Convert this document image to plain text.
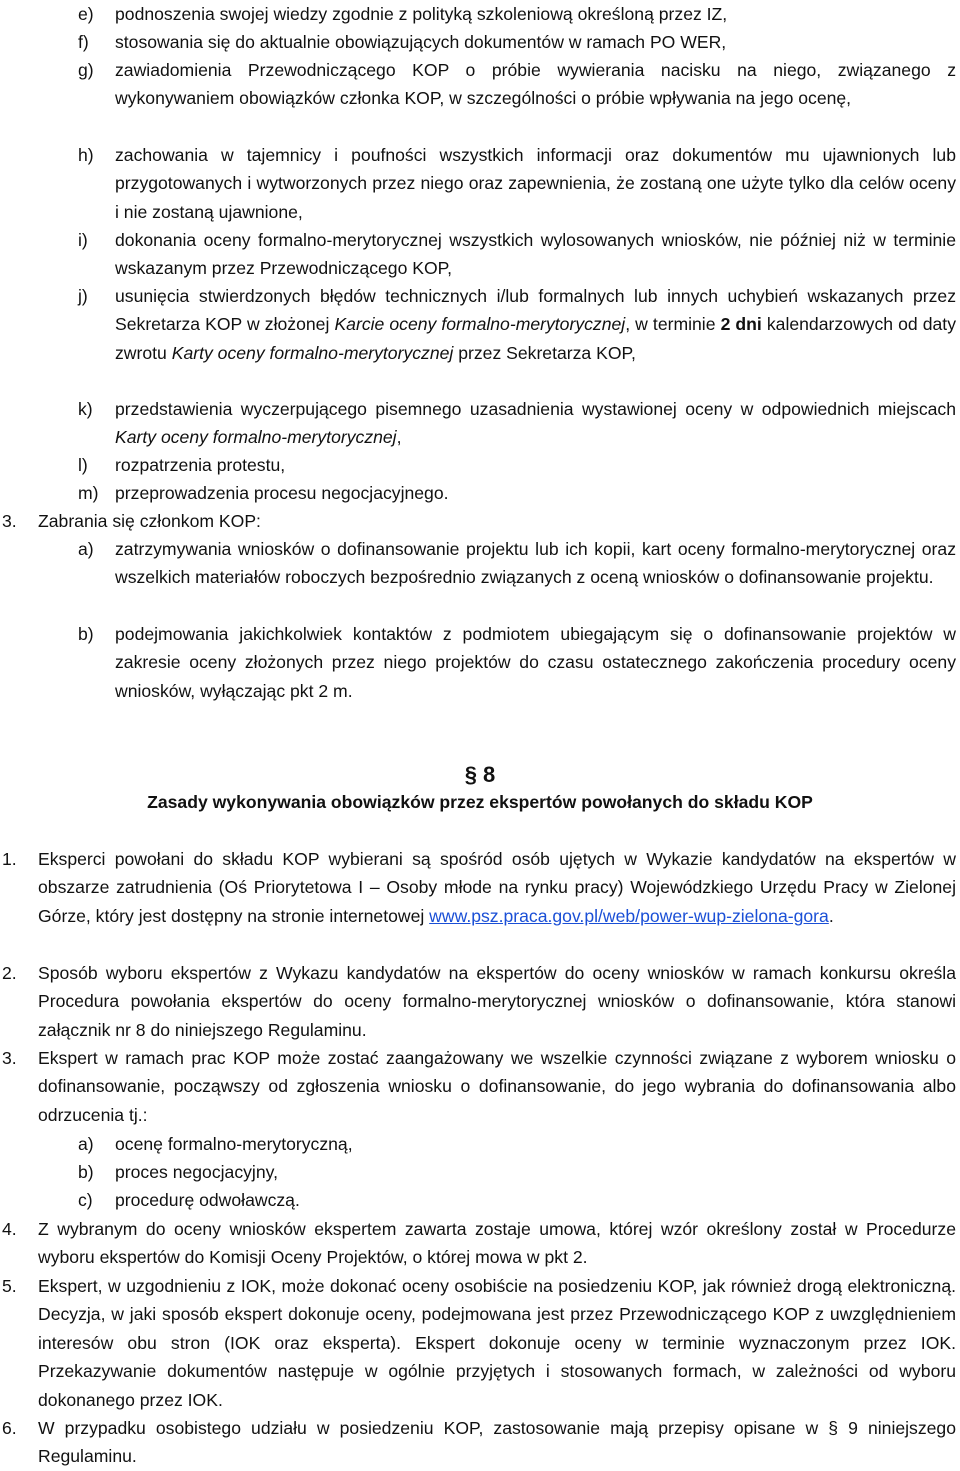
e) podnoszenia swojej wiedzy zgodnie z polityką szkoleniową określoną przez IZ,
f) stosowania się do aktualnie obowiązujących dokumentów w ramach PO WER,
g) zawiadomienia Przewodniczącego KOP o próbie wywierania nacisku na niego, związanego z wykonywaniem obowiązków członka KOP, w szczególności o próbie wpływania na jego ocenę,
h) zachowania w tajemnicy i poufności wszystkich informacji oraz dokumentów mu ujawnionych lub przygotowanych i wytworzonych przez niego oraz zapewnienia, że zostaną one użyte tylko dla celów oceny i nie zostaną ujawnione,
i) dokonania oceny formalno-merytorycznej wszystkich wylosowanych wniosków, nie później niż w terminie wskazanym przez Przewodniczącego KOP,
j) usunięcia stwierdzonych błędów technicznych i/lub formalnych lub innych uchybień wskazanych przez Sekretarza KOP w złożonej Karcie oceny formalno-merytorycznej, w terminie 2 dni kalendarzowych od daty zwrotu Karty oceny formalno-merytorycznej przez Sekretarza KOP,
k) przedstawienia wyczerpującego pisemnego uzasadnienia wystawionej oceny w odpowiednich miejscach Karty oceny formalno-merytorycznej,
l) rozpatrzenia protestu,
m) przeprowadzenia procesu negocjacyjnego.
3. Zabrania się członkom KOP:
a) zatrzymywania wniosków o dofinansowanie projektu lub ich kopii, kart oceny formalno-merytorycznej oraz wszelkich materiałów roboczych bezpośrednio związanych z oceną wniosków o dofinansowanie projektu.
b) podejmowania jakichkolwiek kontaktów z podmiotem ubiegającym się o dofinansowanie projektów w zakresie oceny złożonych przez niego projektów do czasu ostatecznego zakończenia procedury oceny wniosków, wyłączając pkt 2 m.
§ 8
Zasady wykonywania obowiązków przez ekspertów powołanych do składu KOP
1. Eksperci powołani do składu KOP wybierani są spośród osób ujętych w Wykazie kandydatów na ekspertów w obszarze zatrudnienia (Oś Priorytetowa I – Osoby młode na rynku pracy) Wojewódzkiego Urzędu Pracy w Zielonej Górze, który jest dostępny na stronie internetowej www.psz.praca.gov.pl/web/power-wup-zielona-gora.
2. Sposób wyboru ekspertów z Wykazu kandydatów na ekspertów do oceny wniosków w ramach konkursu określa Procedura powołania ekspertów do oceny formalno-merytorycznej wniosków o dofinansowanie, która stanowi załącznik nr 8 do niniejszego Regulaminu.
3. Ekspert w ramach prac KOP może zostać zaangażowany we wszelkie czynności związane z wyborem wniosku o dofinansowanie, począwszy od zgłoszenia wniosku o dofinansowanie, do jego wybrania do dofinansowania albo odrzucenia tj.:
a) ocenę formalno-merytoryczną,
b) proces negocjacyjny,
c) procedurę odwoławczą.
4. Z wybranym do oceny wniosków ekspertem zawarta zostaje umowa, której wzór określony został w Procedurze wyboru ekspertów do Komisji Oceny Projektów, o której mowa w pkt 2.
5. Ekspert, w uzgodnieniu z IOK, może dokonać oceny osobiście na posiedzeniu KOP, jak również drogą elektroniczną. Decyzja, w jaki sposób ekspert dokonuje oceny, podejmowana jest przez Przewodniczącego KOP z uwzględnieniem interesów obu stron (IOK oraz eksperta). Ekspert dokonuje oceny w terminie wyznaczonym przez IOK. Przekazywanie dokumentów następuje w ogólnie przyjętych i stosowanych formach, w zależności od wyboru dokonanego przez IOK.
6. W przypadku osobistego udziału w posiedzeniu KOP, zastosowanie mają przepisy opisane w § 9 niniejszego Regulaminu.
